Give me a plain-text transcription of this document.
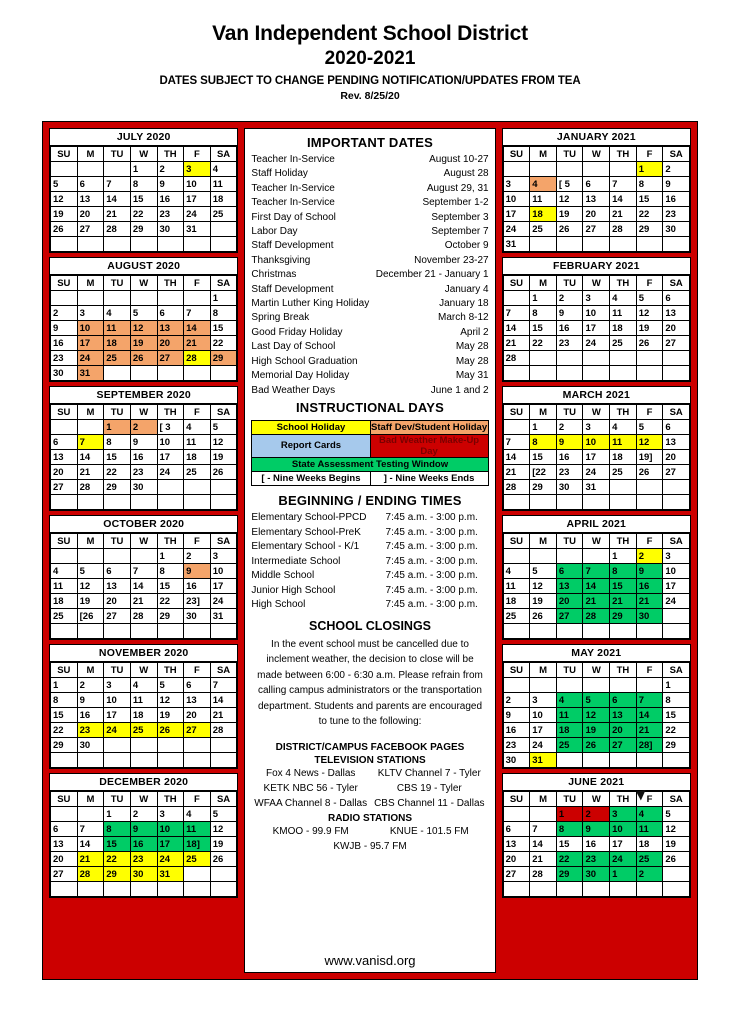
Van Independent School District
2020-2021
DATES SUBJECT TO CHANGE PENDING NOTIFICATION/UPDATES FROM TEA
Rev. 8/25/20
JULY 2020
SU	M	TU	W	TH	F	SA
			1	2	3	4
5	6	7	8	9	10	11
12	13	14	15	16	17	18
19	20	21	22	23	24	25
26	27	28	29	30	31	

AUGUST 2020
SU	M	TU	W	TH	F	SA
						1
2	3	4	5	6	7	8
9	10	11	12	13	14	15
16	17	18	19	20	21	22
23	24	25	26	27	28	29
30	31					
SEPTEMBER 2020
SU	M	TU	W	TH	F	SA
		1	2	[ 3	4	5
6	7	8	9	10	11	12
13	14	15	16	17	18	19
20	21	22	23	24	25	26
27	28	29	30			

OCTOBER 2020
SU	M	TU	W	TH	F	SA
				1	2	3
4	5	6	7	8	9	10
11	12	13	14	15	16	17
18	19	20	21	22	23]	24
25	[26	27	28	29	30	31

NOVEMBER 2020
SU	M	TU	W	TH	F	SA
1	2	3	4	5	6	7
8	9	10	11	12	13	14
15	16	17	18	19	20	21
22	23	24	25	26	27	28
29	30					

DECEMBER 2020
SU	M	TU	W	TH	F	SA
		1	2	3	4	5
6	7	8	9	10	11	12
13	14	15	16	17	18]	19
20	21	22	23	24	25	26
27	28	29	30	31		

IMPORTANT DATES
Teacher In-Service	August 10-27
Staff Holiday	August 28
Teacher In-Service	August 29, 31
Teacher In-Service	September 1-2
First Day of School	September 3
Labor Day	September 7
Staff Development	October 9
Thanksgiving	November 23-27
Christmas	December 21 - January 1
Staff Development	January 4
Martin Luther King Holiday	January 18
Spring Break	March 8-12
Good Friday Holiday	April 2
Last Day of School	May 28
High School Graduation	May 28
Memorial Day Holiday	May 31
Bad Weather Days	June 1 and 2
INSTRUCTIONAL DAYS
School Holiday	Staff Dev/Student Holiday
Report Cards	Bad Weather Make-Up Day
State Assessment Testing Window	
[ - Nine Weeks Begins	] - Nine Weeks Ends
BEGINNING / ENDING TIMES
Elementary School-PPCD	7:45 a.m. - 3:00 p.m.
Elementary School-PreK	7:45 a.m. - 3:00 p.m.
Elementary School - K/1	7:45 a.m. - 3:00 p.m.
Intermediate School	7:45 a.m. - 3:00 p.m.
Middle School	7:45 a.m. - 3:00 p.m.
Junior High School	7:45 a.m. - 3:00 p.m.
High School	7:45 a.m. - 3:00 p.m.
SCHOOL CLOSINGS
In the event school must be cancelled due to inclement weather, the decision to close will be made between 6:00 - 6:30 a.m. Please refrain from calling campus administrators or the transportation department. Students and parents are encouraged to tune to the following:
DISTRICT/CAMPUS FACEBOOK PAGES
TELEVISION STATIONS
Fox 4 News - Dallas	KLTV Channel 7 - Tyler
KETK NBC 56 - Tyler	CBS 19 - Tyler
WFAA Channel 8 - Dallas CBS Channel 11 - Dallas
RADIO STATIONS
KMOO - 99.9 FM	KNUE - 101.5 FM
KWJB - 95.7 FM
www.vanisd.org
JANUARY 2021
SU	M	TU	W	TH	F	SA
					1	2
3	4	[ 5	6	7	8	9
10	11	12	13	14	15	16
17	18	19	20	21	22	23
24	25	26	27	28	29	30
31						
FEBRUARY 2021
SU	M	TU	W	TH	F	SA
	1	2	3	4	5	6
7	8	9	10	11	12	13
14	15	16	17	18	19	20
21	22	23	24	25	26	27
28						

MARCH 2021
SU	M	TU	W	TH	F	SA
	1	2	3	4	5	6
7	8	9	10	11	12	13
14	15	16	17	18	19]	20
21	[22	23	24	25	26	27
28	29	30	31			

APRIL 2021
SU	M	TU	W	TH	F	SA
				1	2	3
4	5	6	7	8	9	10
11	12	13	14	15	16	17
18	19	20	21	21	21	24
25	26	27	28	29	30	

MAY 2021
SU	M	TU	W	TH	F	SA
						1
2	3	4	5	6	7	8
9	10	11	12	13	14	15
16	17	18	19	20	21	22
23	24	25	26	27	28]	29
30	31					
JUNE 2021
SU	M	TU	W	TH	F	SA
		1	2	3	4	5
6	7	8	9	10	11	12
13	14	15	16	17	18	19
20	21	22	23	24	25	26
27	28	29	30	1	2	
